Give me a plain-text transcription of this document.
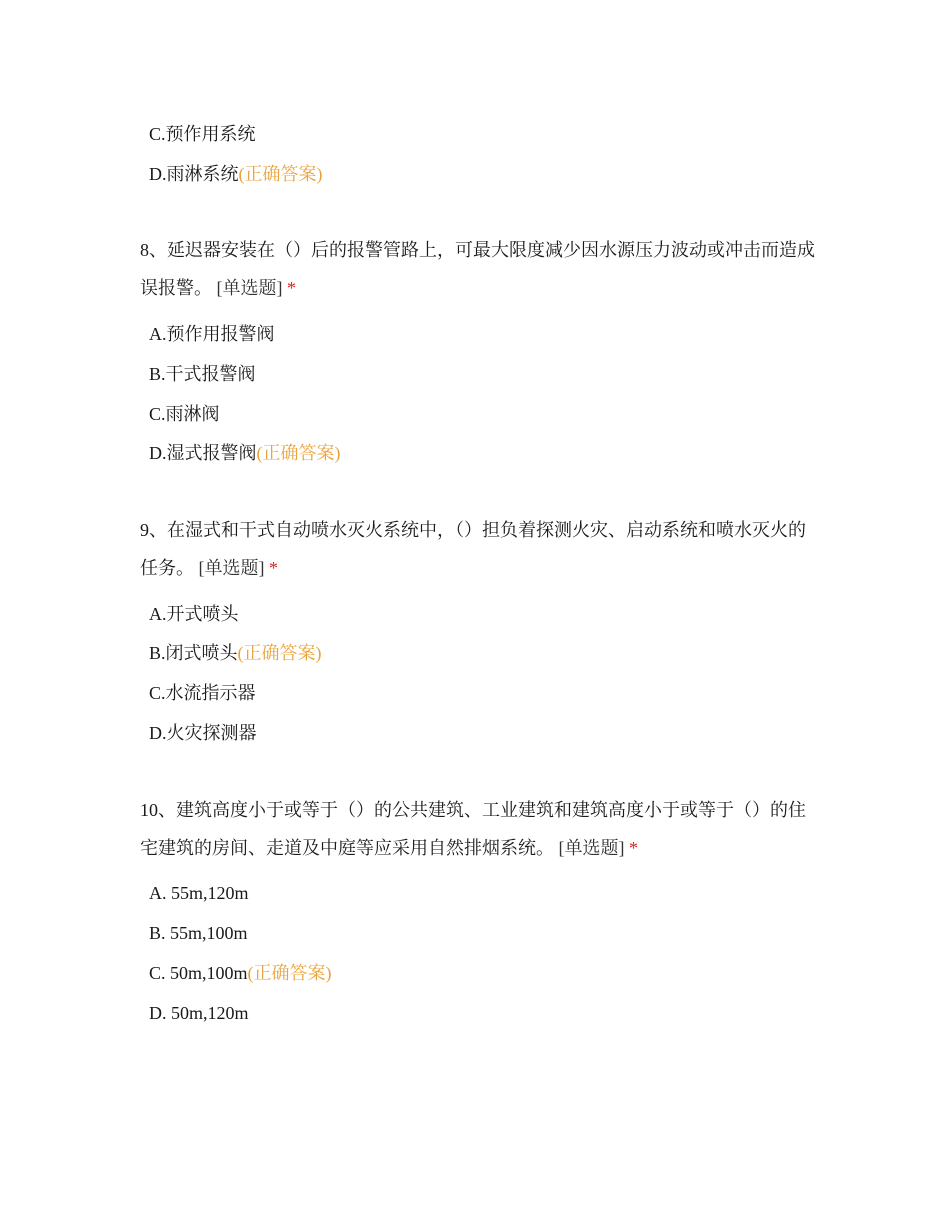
C.预作用系统
D.雨淋系统(正确答案)
8、延迟器安装在（）后的报警管路上，可最大限度减少因水源压力波动或冲击而造成误报警。 [单选题] *
A.预作用报警阀
B.干式报警阀
C.雨淋阀
D.湿式报警阀(正确答案)
9、在湿式和干式自动喷水灭火系统中，（）担负着探测火灾、启动系统和喷水灭火的任务。 [单选题] *
A.开式喷头
B.闭式喷头(正确答案)
C.水流指示器
D.火灾探测器
10、建筑高度小于或等于（）的公共建筑、工业建筑和建筑高度小于或等于（）的住宅建筑的房间、走道及中庭等应采用自然排烟系统。 [单选题] *
A. 55m,120m
B. 55m,100m
C. 50m,100m(正确答案)
D. 50m,120m
